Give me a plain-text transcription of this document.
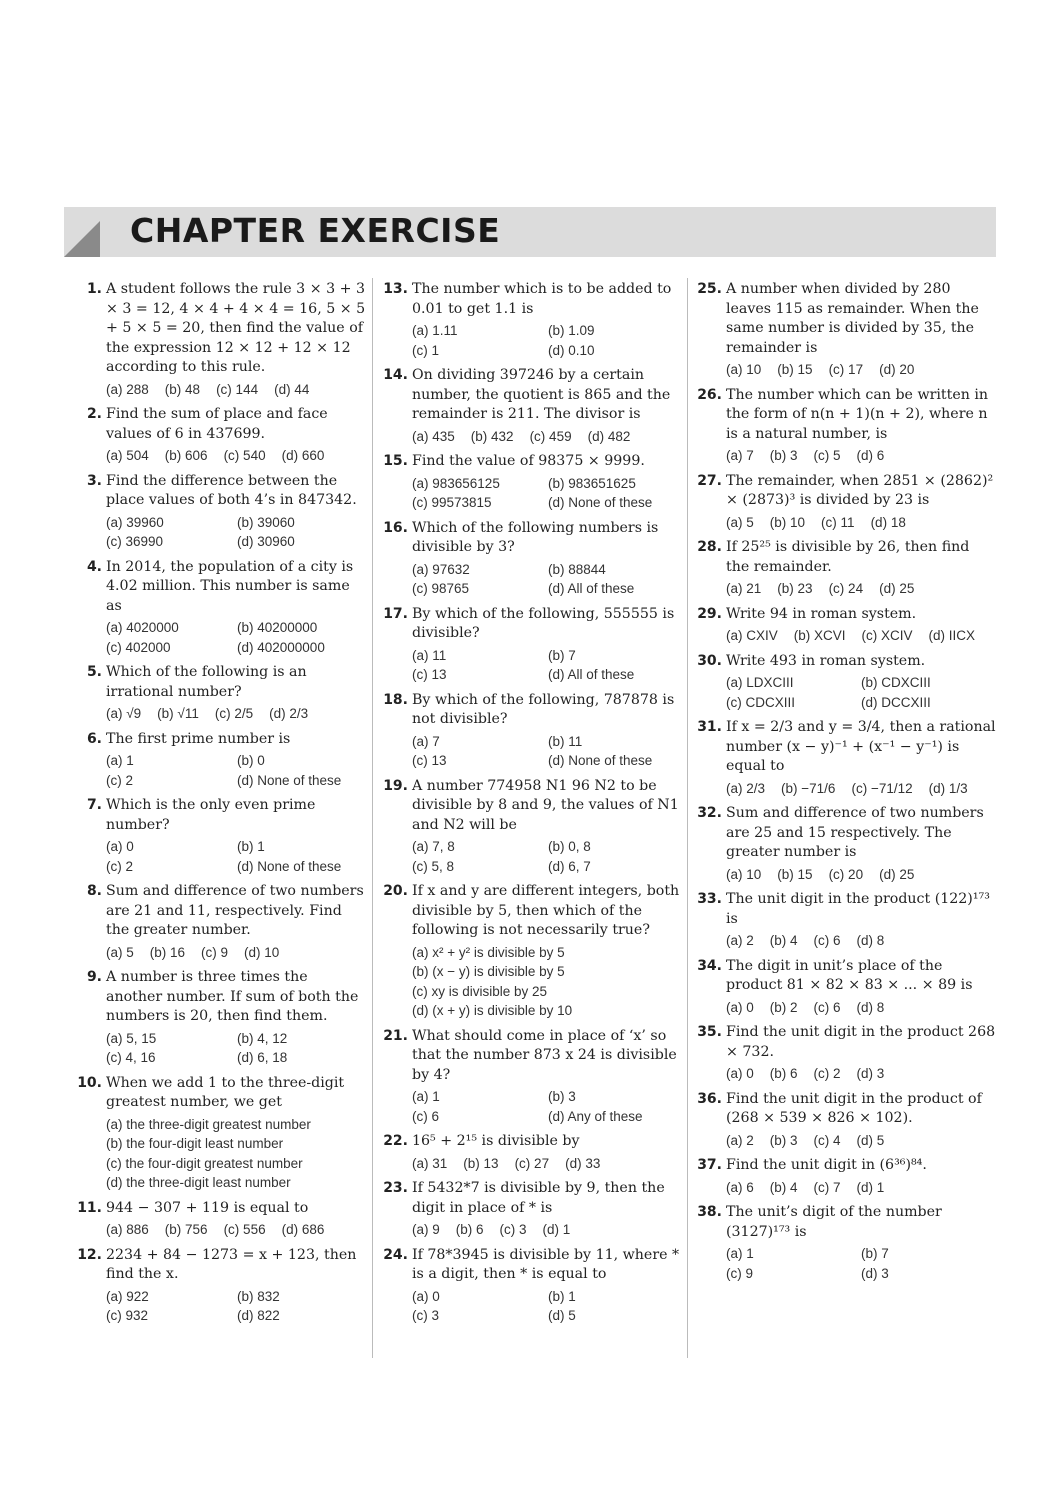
CHAPTER EXERCISE
1. A student follows the rule 3 × 3 + 3 × 3 = 12, 4 × 4 + 4 × 4 = 16, 5 × 5 + 5 × 5 = 20, then find the value of the expression 12 × 12 + 12 × 12 according to this rule.
(a) 288 (b) 48 (c) 144 (d) 44
2. Find the sum of place and face values of 6 in 437699.
(a) 504 (b) 606 (c) 540 (d) 660
3. Find the difference between the place values of both 4’s in 847342.
(a) 39960	(b) 39060
(c) 36990	(d) 30960
4. In 2014, the population of a city is 4.02 million. This number is same as
(a) 4020000	(b) 40200000
(c) 402000	(d) 402000000
5. Which of the following is an irrational number?
(a) √9 (b) √11 (c) 2/5 (d) 2/3
6. The first prime number is
(a) 1	(b) 0
(c) 2	(d) None of these
7. Which is the only even prime number?
(a) 0	(b) 1
(c) 2	(d) None of these
8. Sum and difference of two numbers are 21 and 11, respectively. Find the greater number.
(a) 5 (b) 16 (c) 9 (d) 10
9. A number is three times the another number. If sum of both the numbers is 20, then find them.
(a) 5, 15	(b) 4, 12
(c) 4, 16	(d) 6, 18
10. When we add 1 to the three-digit greatest number, we get
(a) the three-digit greatest number
(b) the four-digit least number
(c) the four-digit greatest number
(d) the three-digit least number
11. 944 − 307 + 119 is equal to
(a) 886 (b) 756 (c) 556 (d) 686
12. 2234 + 84 − 1273 = x + 123, then find the x.
(a) 922	(b) 832
(c) 932	(d) 822
13. The number which is to be added to 0.01 to get 1.1 is
(a) 1.11	(b) 1.09
(c) 1	(d) 0.10
14. On dividing 397246 by a certain number, the quotient is 865 and the remainder is 211. The divisor is
(a) 435 (b) 432 (c) 459 (d) 482
15. Find the value of 98375 × 9999.
(a) 983656125	(b) 983651625
(c) 99573815	(d) None of these
16. Which of the following numbers is divisible by 3?
(a) 97632	(b) 88844
(c) 98765	(d) All of these
17. By which of the following, 555555 is divisible?
(a) 11	(b) 7
(c) 13	(d) All of these
18. By which of the following, 787878 is not divisible?
(a) 7	(b) 11
(c) 13	(d) None of these
19. A number 774958 N1 96 N2 to be divisible by 8 and 9, the values of N1 and N2 will be
(a) 7, 8	(b) 0, 8
(c) 5, 8	(d) 6, 7
20. If x and y are different integers, both divisible by 5, then which of the following is not necessarily true?
(a) x² + y² is divisible by 5
(b) (x − y) is divisible by 5
(c) xy is divisible by 25
(d) (x + y) is divisible by 10
21. What should come in place of ‘x’ so that the number 873 x 24 is divisible by 4?
(a) 1	(b) 3
(c) 6	(d) Any of these
22. 16⁵ + 2¹⁵ is divisible by
(a) 31 (b) 13 (c) 27 (d) 33
23. If 5432*7 is divisible by 9, then the digit in place of * is
(a) 9 (b) 6 (c) 3 (d) 1
24. If 78*3945 is divisible by 11, where * is a digit, then * is equal to
(a) 0	(b) 1
(c) 3	(d) 5
25. A number when divided by 280 leaves 115 as remainder. When the same number is divided by 35, the remainder is
(a) 10 (b) 15 (c) 17 (d) 20
26. The number which can be written in the form of n(n + 1)(n + 2), where n is a natural number, is
(a) 7 (b) 3 (c) 5 (d) 6
27. The remainder, when 2851 × (2862)² × (2873)³ is divided by 23 is
(a) 5 (b) 10 (c) 11 (d) 18
28. If 25²⁵ is divisible by 26, then find the remainder.
(a) 21 (b) 23 (c) 24 (d) 25
29. Write 94 in roman system.
(a) CXIV (b) XCVI (c) XCIV (d) IICX
30. Write 493 in roman system.
(a) LDXCIII	(b) CDXCIII
(c) CDCXIII	(d) DCCXIII
31. If x = 2/3 and y = 3/4, then a rational number (x − y)⁻¹ + (x⁻¹ − y⁻¹) is equal to
(a) 2/3 (b) −71/6 (c) −71/12 (d) 1/3
32. Sum and difference of two numbers are 25 and 15 respectively. The greater number is
(a) 10 (b) 15 (c) 20 (d) 25
33. The unit digit in the product (122)¹⁷³ is
(a) 2 (b) 4 (c) 6 (d) 8
34. The digit in unit’s place of the product 81 × 82 × 83 × ... × 89 is
(a) 0 (b) 2 (c) 6 (d) 8
35. Find the unit digit in the product 268 × 732.
(a) 0 (b) 6 (c) 2 (d) 3
36. Find the unit digit in the product of (268 × 539 × 826 × 102).
(a) 2 (b) 3 (c) 4 (d) 5
37. Find the unit digit in (6³⁶)⁸⁴.
(a) 6 (b) 4 (c) 7 (d) 1
38. The unit’s digit of the number (3127)¹⁷³ is
(a) 1	(b) 7
(c) 9	(d) 3
